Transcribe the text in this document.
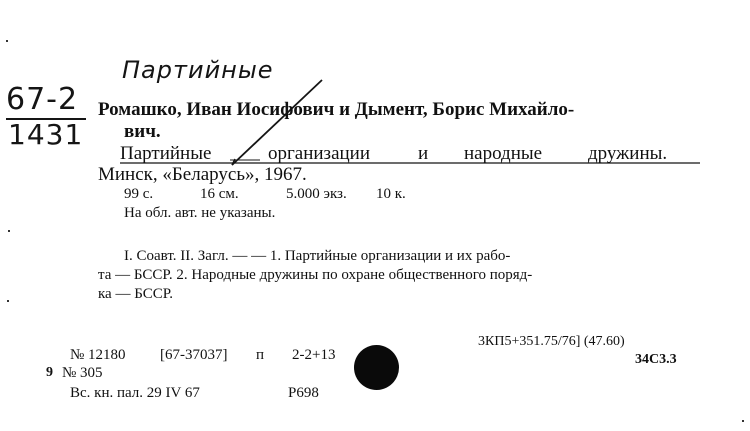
Партийные
67-2
1431
Ромашко, Иван Иосифович и Дымент, Борис Михайло-
вич.
Партийные	организации	и народные дружины.
Минск, «Беларусь», 1967.
99 с.	16 см.	5.000 экз. 10 к.
На обл. авт. не указаны.
I. Соавт. II. Загл. — — 1. Партийные организации и их рабо-
та — БССР. 2. Народные дружины по охране общественного поряд-
ка — БССР.
3КП5+351.75/76] (47.60)
34С3.3
№ 12180 [67-37037] п 2-2+13
9 № 305
Вс. кн. пал. 29 IV 67	Р698
